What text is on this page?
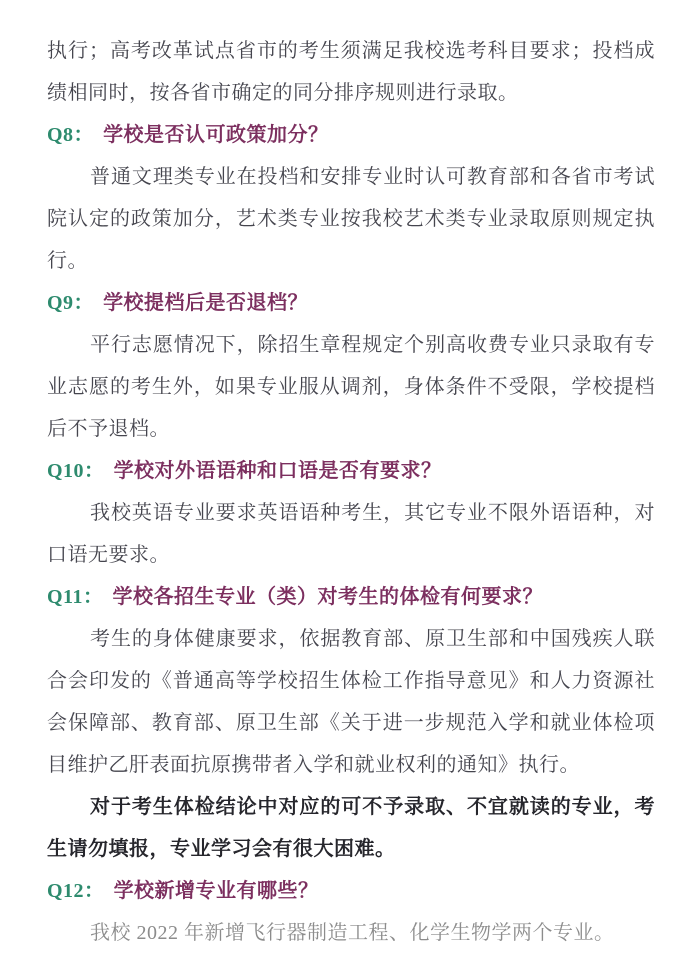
执行；高考改革试点省市的考生须满足我校选考科目要求；投档成绩相同时，按各省市确定的同分排序规则进行录取。

Q8： 学校是否认可政策加分？

普通文理类专业在投档和安排专业时认可教育部和各省市考试院认定的政策加分，艺术类专业按我校艺术类专业录取原则规定执行。

Q9： 学校提档后是否退档？

平行志愿情况下，除招生章程规定个别高收费专业只录取有专业志愿的考生外，如果专业服从调剂，身体条件不受限，学校提档后不予退档。

Q10： 学校对外语语种和口语是否有要求？

我校英语专业要求英语语种考生，其它专业不限外语语种，对口语无要求。

Q11： 学校各招生专业（类）对考生的体检有何要求？

考生的身体健康要求，依据教育部、原卫生部和中国残疾人联合会印发的《普通高等学校招生体检工作指导意见》和人力资源社会保障部、教育部、原卫生部《关于进一步规范入学和就业体检项目维护乙肝表面抗原携带者入学和就业权利的通知》执行。

对于考生体检结论中对应的可不予录取、不宜就读的专业，考生请勿填报，专业学习会有很大困难。

Q12： 学校新增专业有哪些？

我校 2022 年新增飞行器制造工程、化学生物学两个专业。
